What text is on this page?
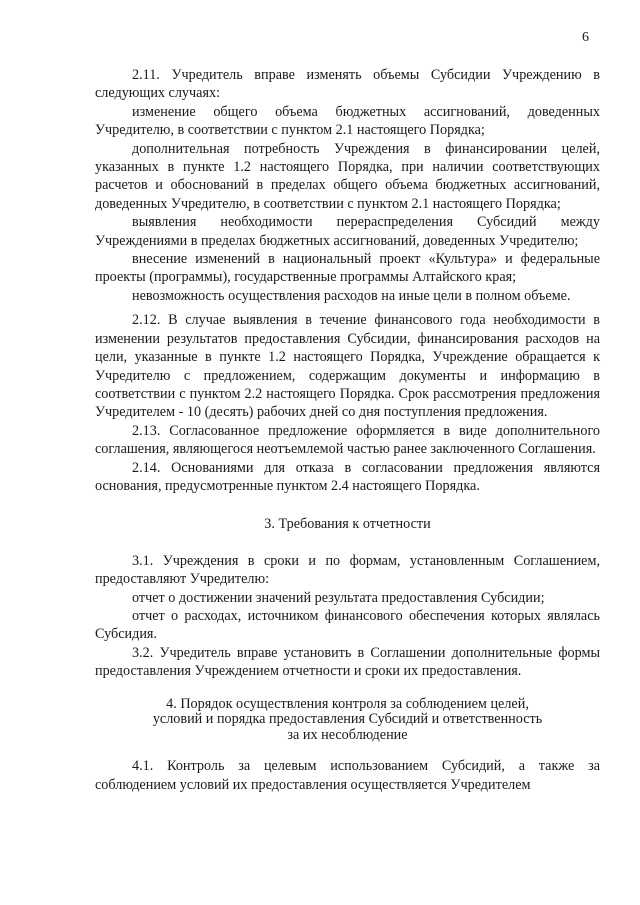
6

2.11. Учредитель вправе изменять объемы Субсидии Учреждению в следующих случаях:

изменение общего объема бюджетных ассигнований, доведенных Учредителю, в соответствии с пунктом 2.1 настоящего Порядка;

дополнительная потребность Учреждения в финансировании целей, указанных в пункте 1.2 настоящего Порядка, при наличии соответствующих расчетов и обоснований в пределах общего объема бюджетных ассигнований, доведенных Учредителю, в соответствии с пунктом 2.1 настоящего Порядка;

выявления необходимости перераспределения Субсидий между Учреждениями в пределах бюджетных ассигнований, доведенных Учредителю;

внесение изменений в национальный проект «Культура» и федеральные проекты (программы), государственные программы Алтайского края;

невозможность осуществления расходов на иные цели в полном объеме.

2.12. В случае выявления в течение финансового года необходимости в изменении результатов предоставления Субсидии, финансирования расходов на цели, указанные в пункте 1.2 настоящего Порядка, Учреждение обращается к Учредителю с предложением, содержащим документы и информацию в соответствии с пунктом 2.2 настоящего Порядка. Срок рассмотрения предложения Учредителем - 10 (десять) рабочих дней со дня поступления предложения.

2.13. Согласованное предложение оформляется в виде дополнительного соглашения, являющегося неотъемлемой частью ранее заключенного Соглашения.

2.14. Основаниями для отказа в согласовании предложения являются основания, предусмотренные пунктом 2.4 настоящего Порядка.

3. Требования к отчетности

3.1. Учреждения в сроки и по формам, установленным Соглашением, предоставляют Учредителю:

отчет о достижении значений результата предоставления Субсидии;

отчет о расходах, источником финансового обеспечения которых являлась Субсидия.

3.2. Учредитель вправе установить в Соглашении дополнительные формы предоставления Учреждением отчетности и сроки их предоставления.

4. Порядок осуществления контроля за соблюдением целей,
условий и порядка предоставления Субсидий и ответственность
за их несоблюдение

4.1. Контроль за целевым использованием Субсидий, а также за соблюдением условий их предоставления осуществляется Учредителем
